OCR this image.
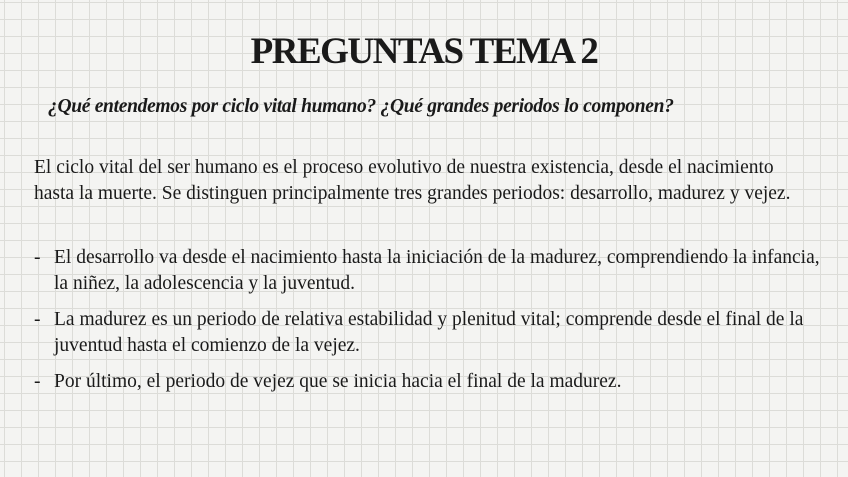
PREGUNTAS TEMA 2

¿Qué entendemos por ciclo vital humano? ¿Qué grandes periodos lo componen?

El ciclo vital del ser humano es el proceso evolutivo de nuestra existencia, desde el nacimiento hasta la muerte. Se distinguen principalmente tres grandes periodos: desarrollo, madurez y vejez.

- El desarrollo va desde el nacimiento hasta la iniciación de la madurez, comprendiendo la infancia, la niñez, la adolescencia y la juventud.
- La madurez es un periodo de relativa estabilidad y plenitud vital; comprende desde el final de la juventud hasta el comienzo de la vejez.
- Por último, el periodo de vejez que se inicia hacia el final de la madurez.
